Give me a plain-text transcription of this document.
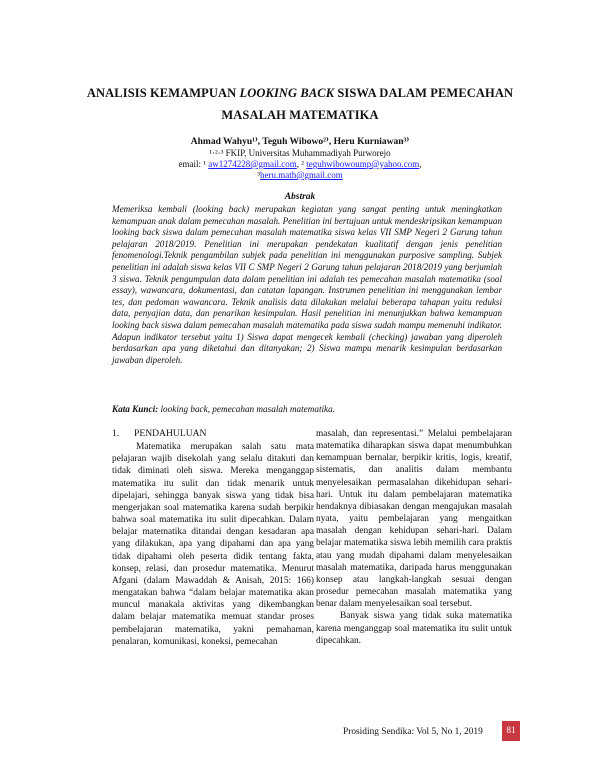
ANALISIS KEMAMPUAN LOOKING BACK SISWA DALAM PEMECAHAN
MASALAH MATEMATIKA
Ahmad Wahyu¹⁾, Teguh Wibowo²⁾, Heru Kurniawan³⁾
¹·²·³ FKIP, Universitas Muhammadiyah Purworejo
email: ¹ aw1274228@gmail.com, ² teguhwibowoump@yahoo.com,
³heru.math@gmail.com
Abstrak
Memeriksa kembali (looking back) merupakan kegiatan yang sangat penting untuk meningkatkan kemampuan anak dalam pemecahan masalah. Penelitian ini bertujuan untuk mendeskripsikan kemampuan looking back siswa dalam pemecahan masalah matematika siswa kelas VII SMP Negeri 2 Garung tahun pelajaran 2018/2019. Penelitian ini merupakan pendekatan kualitatif dengan jenis penelitian fenomenologi.Teknik pengambilan subjek pada penelitian ini menggunakan purposive sampling. Subjek penelitian ini adalah siswa kelas VII C SMP Negeri 2 Garung tahun pelajaran 2018/2019 yang berjumlah 3 siswa. Teknik pengumpulan data dalam penelitian ini adalah tes pemecahan masalah matematika (soal essay), wawancara, dokumentasi, dan catatan lapangan. Instrumen penelitian ini menggunakan lembar tes, dan pedoman wawancara. Teknik analisis data dilakukan melalui beberapa tahapan yaitu reduksi data, penyajian data, dan penarikan kesimpulan. Hasil penelitian ini menunjukkan bahwa kemampuan looking back siswa dalam pemecahan masalah matematika pada siswa sudah mampu memenuhi indikator. Adapun indikator tersebut yaitu 1) Siswa dapat mengecek kembali (checking) jawaban yang diperoleh berdasarkan apa yang diketahui dan ditanyakan; 2) Siswa mampu menarik kesimpulan berdasarkan jawaban diperoleh.
Kata Kunci: looking back, pemecahan masalah matematika.
1. PENDAHULUAN

Matematika merupakan salah satu mata pelajaran wajib disekolah yang selalu ditakuti dan tidak diminati oleh siswa. Mereka menganggap matematika itu sulit dan tidak menarik untuk dipelajari, sehingga banyak siswa yang tidak bisa mengerjakan soal matematika karena sudah berpikir bahwa soal matematika itu sulit dipecahkan. Dalam belajar matematika ditandai dengan kesadaran apa yang dilakukan, apa yang dipahami dan apa yang tidak dipahami oleh peserta didik tentang fakta, konsep, relasi, dan prosedur matematika. Menurut Afgani (dalam Mawaddah & Anisah, 2015: 166) mengatakan bahwa “dalam belajar matematika akan muncul manakala aktivitas yang dikembangkan dalam belajar matematika memuat standar proses pembelajaran matematika, yakni pemahaman, penalaran, komunikasi, koneksi, pemecahan

masalah, dan representasi.” Melalui pembelajaran matematika diharapkan siswa dapat menumbuhkan kemampuan bernalar, berpikir kritis, logis, kreatif, sistematis, dan analitis dalam membantu menyelesaikan permasalahan dikehidupan sehari-hari. Untuk itu dalam pembelajaran matematika hendaknya dibiasakan dengan mengajukan masalah nyata, yaitu pembelajaran yang mengaitkan masalah dengan kehidupan sehari-hari. Dalam belajar matematika siswa lebih memilih cara praktis atau yang mudah dipahami dalam menyelesaikan masalah matematika, daripada harus menggunakan konsep atau langkah-langkah sesuai dengan prosedur pemecahan masalah matematika yang benar dalam menyelesaikan soal tersebut.

Banyak siswa yang tidak suka matematika karena menganggap soal matematika itu sulit untuk dipecahkan.

Prosiding Sendika: Vol 5, No 1, 2019	81
